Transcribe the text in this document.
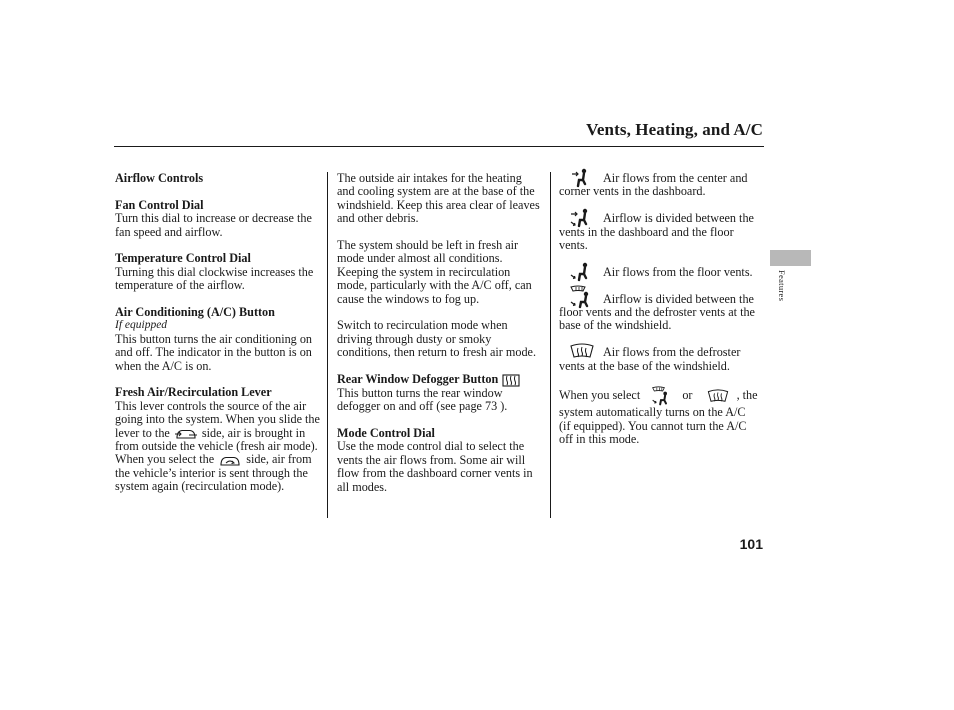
Vents, Heating, and A/C

Airflow Controls

Fan Control Dial

Turn this dial to increase or decrease the fan speed and airflow.

Temperature Control Dial

Turning this dial clockwise increases the temperature of the airflow.

Air Conditioning (A/C) Button

If equipped

This button turns the air conditioning on and off. The indicator in the button is on when the A/C is on.

Fresh Air/Recirculation Lever

This lever controls the source of the air going into the system. When you slide the lever to the	side, air is brought in from outside the vehicle (fresh air mode). When you select the	side, air from the vehicle’s interior is sent through the system again (recirculation mode).

The outside air intakes for the heating and cooling system are at the base of the windshield. Keep this area clear of leaves and other debris.

The system should be left in fresh air mode under almost all conditions. Keeping the system in recirculation mode, particularly with the A/C off, can cause the windows to fog up.

Switch to recirculation mode when driving through dusty or smoky conditions, then return to fresh air mode.

Rear Window Defogger Button

This button turns the rear window defogger on and off (see page 73 ).

Mode Control Dial

Use the mode control dial to select the vents the air flows from. Some air will flow from the dashboard corner vents in all modes.

Air flows from the center and corner vents in the dashboard.

Airflow is divided between the vents in the dashboard and the floor vents.

Air flows from the floor vents.

Airflow is divided between the floor vents and the defroster vents at the base of the windshield.

Air flows from the defroster vents at the base of the windshield.

When you select	or	, the system automatically turns on the A/C (if equipped). You cannot turn the A/C off in this mode.

Features
101
